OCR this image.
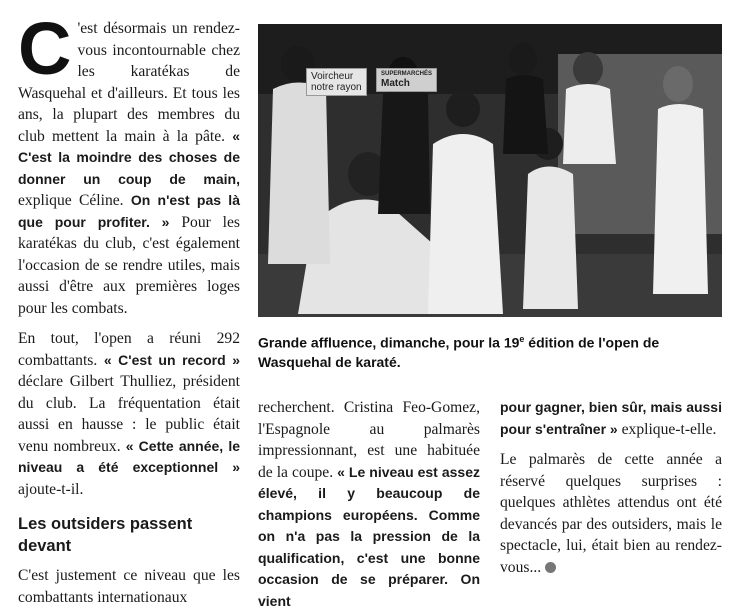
C 'est désormais un rendez-vous incontournable chez les karatékas de Wasquehal et d'ailleurs. Et tous les ans, la plupart des membres du club mettent la main à la pâte. « C'est la moindre des choses de donner un coup de main, explique Céline. On n'est pas là que pour profiter. » Pour les karatékas du club, c'est également l'occasion de se rendre utiles, mais aussi d'être aux premières loges pour les combats.

En tout, l'open a réuni 292 combattants. « C'est un record » déclare Gilbert Thulliez, président du club. La fréquentation était aussi en hausse : le public était venu nombreux. « Cette année, le niveau a été exceptionnel » ajoute-t-il.

Les outsiders passent devant

C'est justement ce niveau que les combattants internationaux

Voircheur
notre rayon
SUPERMARCHÉS
Match
Grande affluence, dimanche, pour la 19e édition de l'open de Wasquehal de karaté.

recherchent. Cristina Feo-Gomez, l'Espagnole au palmarès impressionnant, est une habituée de la coupe. « Le niveau est assez élevé, il y beaucoup de champions européens. Comme on n'a pas la pression de la qualification, c'est une bonne occasion de se préparer. On vient

pour gagner, bien sûr, mais aussi pour s'entraîner » explique-t-elle.

Le palmarès de cette année a réservé quelques surprises : quelques athlètes attendus ont été devancés par des outsiders, mais le spectacle, lui, était bien au rendez-vous...
